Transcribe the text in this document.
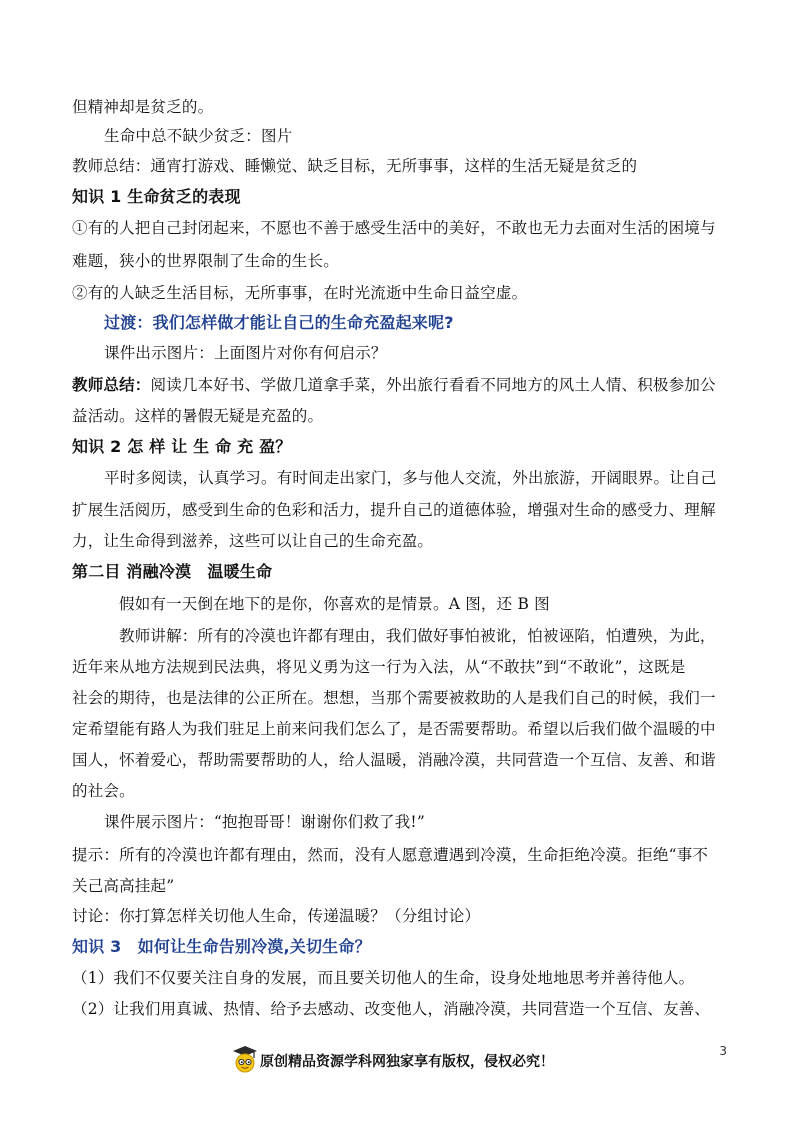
但精神却是贫乏的。
生命中总不缺少贫乏：图片
教师总结：通宵打游戏、睡懒觉、缺乏目标，无所事事，这样的生活无疑是贫乏的
知识 1 生命贫乏的表现
①有的人把自己封闭起来，不愿也不善于感受生活中的美好，不敢也无力去面对生活的困境与
难题，狭小的世界限制了生命的生长。
②有的人缺乏生活目标，无所事事，在时光流逝中生命日益空虚。
过渡：我们怎样做才能让自己的生命充盈起来呢?
课件出示图片：上面图片对你有何启示？
教师总结：阅读几本好书、学做几道拿手菜，外出旅行看看不同地方的风土人情、积极参加公
益活动。这样的暑假无疑是充盈的。
知识 2 怎 样 让 生 命 充 盈？
平时多阅读，认真学习。有时间走出家门，多与他人交流，外出旅游，开阔眼界。让自己
扩展生活阅历，感受到生命的色彩和活力，提升自己的道德体验，增强对生命的感受力、理解
力，让生命得到滋养，这些可以让自己的生命充盈。
第二目 消融冷漠　温暖生命
假如有一天倒在地下的是你，你喜欢的是情景。A 图，还 B 图
教师讲解：所有的冷漠也许都有理由，我们做好事怕被讹，怕被诬陷，怕遭殃，为此，
近年来从地方法规到民法典，将见义勇为这一行为入法，从“不敢扶”到“不敢讹”，这既是
社会的期待，也是法律的公正所在。想想，当那个需要被救助的人是我们自己的时候，我们一
定希望能有路人为我们驻足上前来问我们怎么了，是否需要帮助。希望以后我们做个温暖的中
国人，怀着爱心，帮助需要帮助的人，给人温暖，消融冷漠，共同营造一个互信、友善、和谐
的社会。
课件展示图片：“抱抱哥哥！谢谢你们救了我!”
提示：所有的冷漠也许都有理由，然而，没有人愿意遭遇到冷漠，生命拒绝冷漠。拒绝“事不
关己高高挂起”
讨论：你打算怎样关切他人生命，传递温暖？（分组讨论）
知识 3　如何让生命告别冷漠,关切生命？
（1）我们不仅要关注自身的发展，而且要关切他人的生命，设身处地地思考并善待他人。
（2）让我们用真诚、热情、给予去感动、改变他人，消融冷漠，共同营造一个互信、友善、
3
原创精品资源学科网独家享有版权，侵权必究！
